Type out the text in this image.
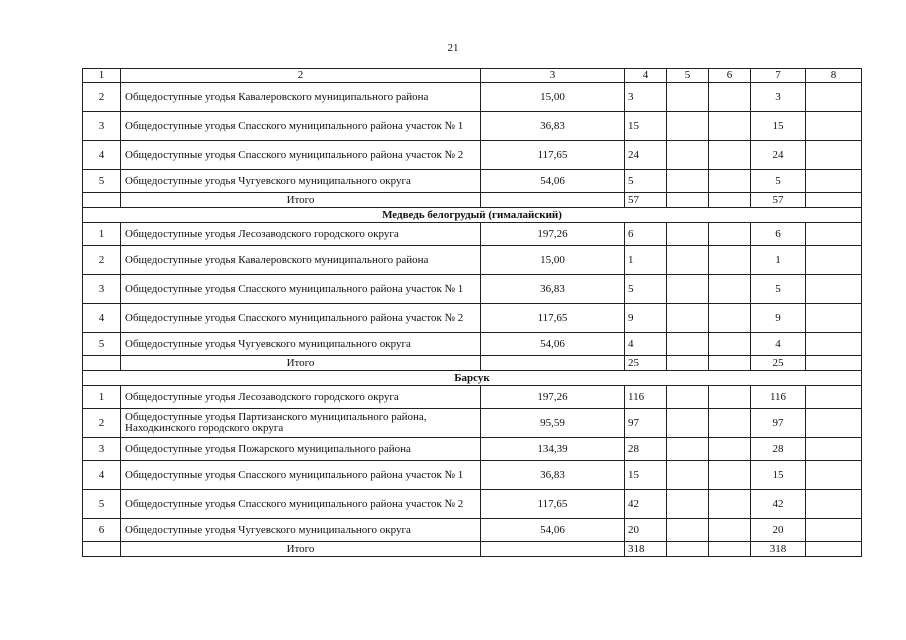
21
1	2	3	4	5	6	7	8
2	Общедоступные угодья Кавалеровского муниципального района	15,00	3			3	
3	Общедоступные угодья Спасского муниципального района участок № 1	36,83	15			15	
4	Общедоступные угодья Спасского муниципального района участок № 2	117,65	24			24	
5	Общедоступные угодья Чугуевского муниципального округа	54,06	5			5	
	Итого		57			57	
Медведь белогрудый (гималайский)							
1	Общедоступные угодья Лесозаводского городского округа	197,26	6			6	
2	Общедоступные угодья Кавалеровского муниципального района	15,00	1			1	
3	Общедоступные угодья Спасского муниципального района участок № 1	36,83	5			5	
4	Общедоступные угодья Спасского муниципального района участок № 2	117,65	9			9	
5	Общедоступные угодья Чугуевского муниципального округа	54,06	4			4	
	Итого		25			25	
Барсук							
1	Общедоступные угодья Лесозаводского городского округа	197,26	116			116	
2	Общедоступные угодья Партизанского муниципального района, Находкинского городского округа	95,59	97			97	
3	Общедоступные угодья Пожарского муниципального района	134,39	28			28	
4	Общедоступные угодья Спасского муниципального района участок № 1	36,83	15			15	
5	Общедоступные угодья Спасского муниципального района участок № 2	117,65	42			42	
6	Общедоступные угодья Чугуевского муниципального округа	54,06	20			20	
	Итого		318			318	
